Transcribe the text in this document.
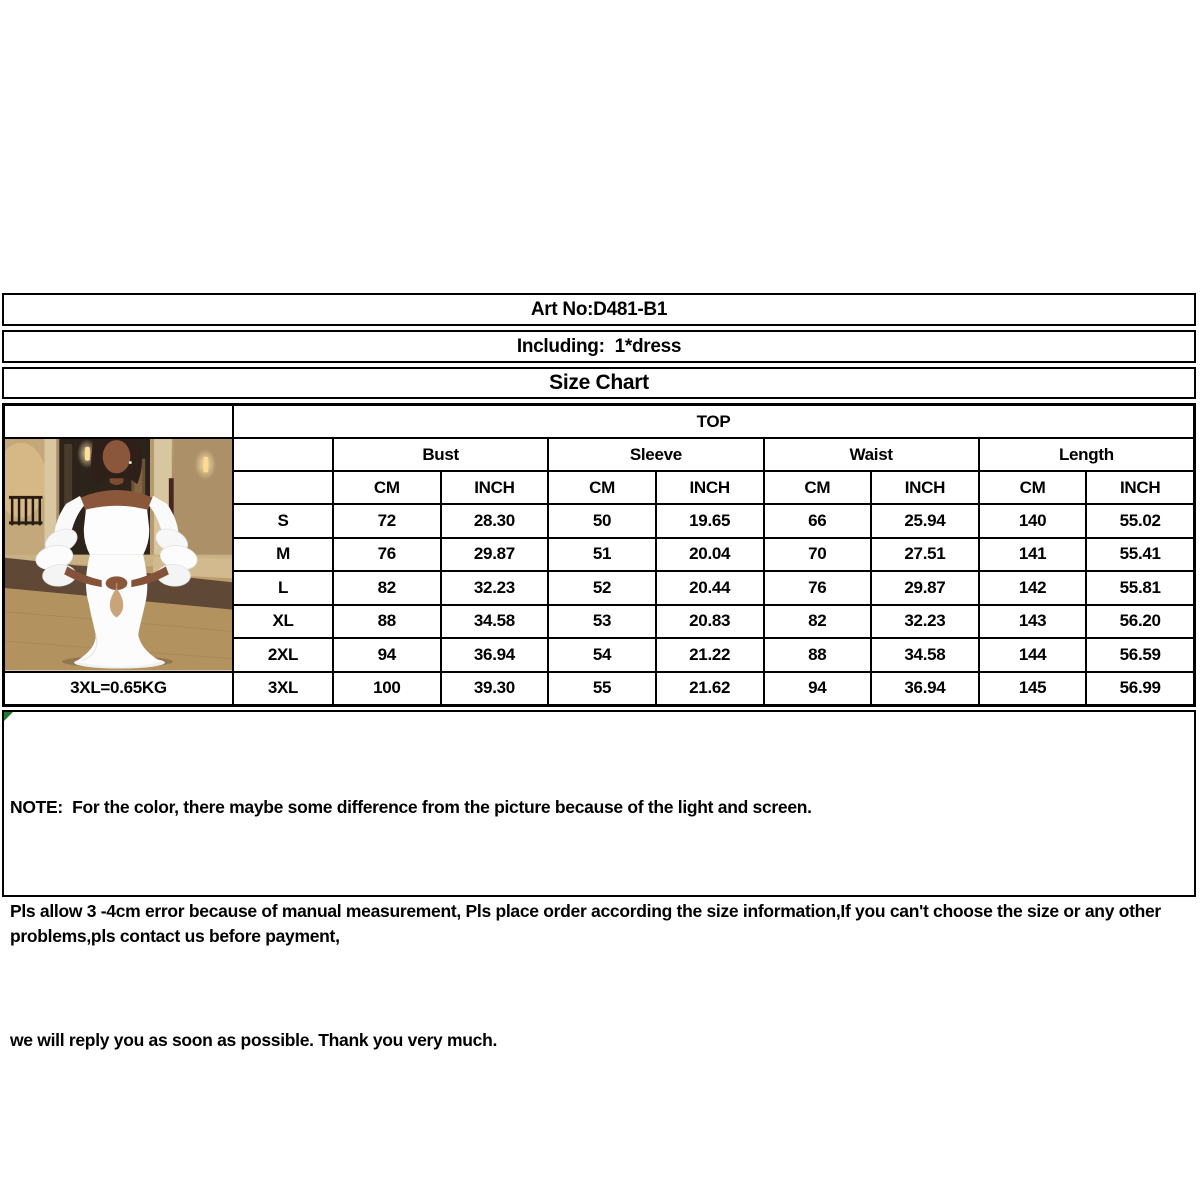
Art No:D481-B1
Including:  1*dress
Size Chart
TOP
Bust	Sleeve	Waist	Length
CM	INCH	CM	INCH	CM	INCH	CM	INCH
S	72	28.30	50	19.65	66	25.94	140	55.02
M	76	29.87	51	20.04	70	27.51	141	55.41
L	82	32.23	52	20.44	76	29.87	142	55.81
XL	88	34.58	53	20.83	82	32.23	143	56.20
2XL	94	36.94	54	21.22	88	34.58	144	56.59
3XL=0.65KG	3XL	100	39.30	55	21.62	94	36.94	145	56.99

NOTE:  For the color, there maybe some difference from the picture because of the light and screen.

Pls allow 3 -4cm error because of manual measurement, Pls place order according the size information,If you can't choose the size or any other problems,pls contact us before payment,

we will reply you as soon as possible. Thank you very much.
